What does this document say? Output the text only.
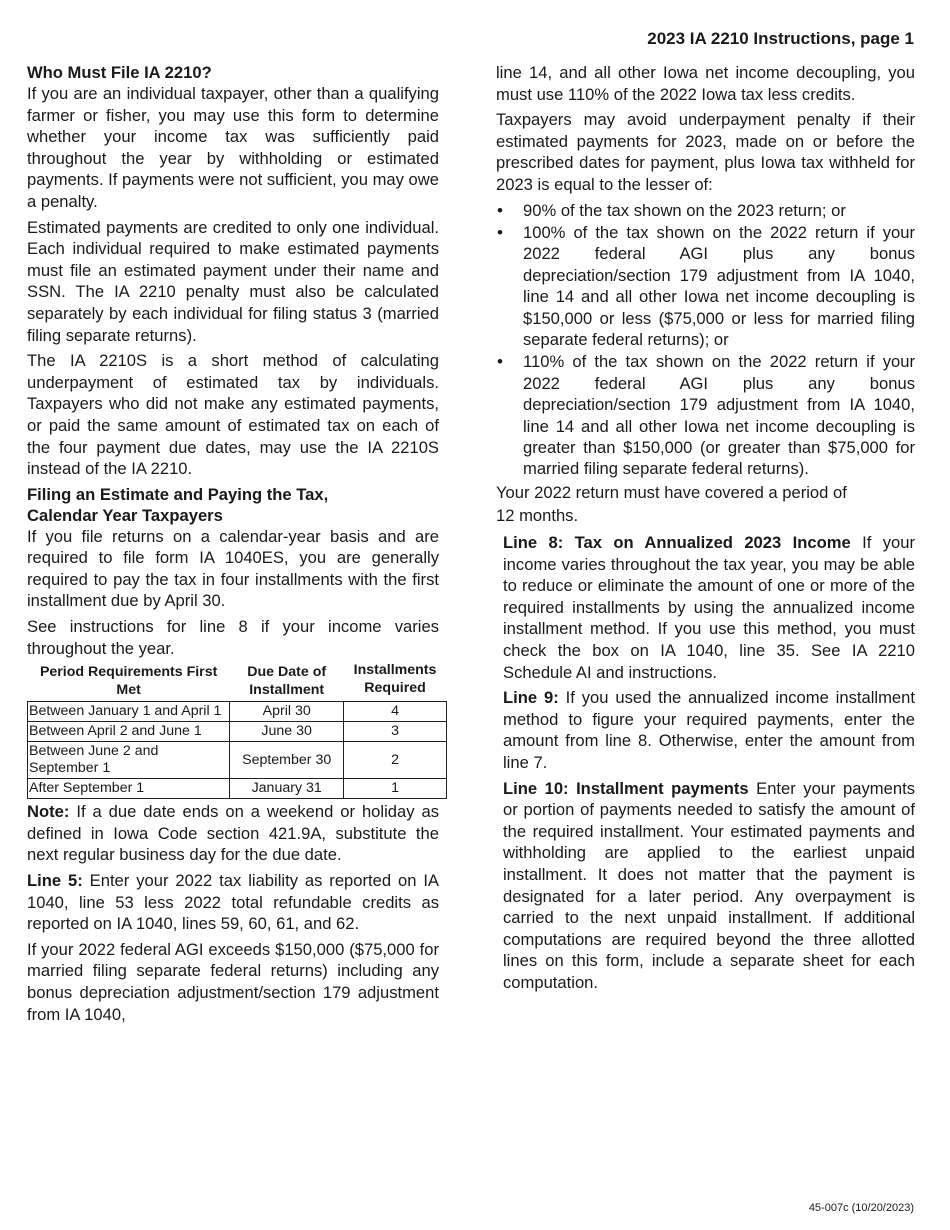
2023 IA 2210 Instructions, page 1
Who Must File IA 2210?

If you are an individual taxpayer, other than a qualifying farmer or fisher, you may use this form to determine whether your income tax was sufficiently paid throughout the year by withholding or estimated payments. If payments were not sufficient, you may owe a penalty.

Estimated payments are credited to only one individual. Each individual required to make estimated payments must file an estimated payment under their name and SSN. The IA 2210 penalty must also be calculated separately by each individual for filing status 3 (married filing separate returns).

The IA 2210S is a short method of calculating underpayment of estimated tax by individuals. Taxpayers who did not make any estimated payments, or paid the same amount of estimated tax on each of the four payment due dates, may use the IA 2210S instead of the IA 2210.

Filing an Estimate and Paying the Tax,
Calendar Year Taxpayers

If you file returns on a calendar-year basis and are required to file form IA 1040ES, you are generally required to pay the tax in four installments with the first installment due by April 30.

See instructions for line 8 if your income varies throughout the year.

Period Requirements First Met	Due Date of Installment	Installments Required
Between January 1 and April 1	April 30	4
Between April 2 and June 1	June 30	3
Between June 2 and September 1	September 30	2
After September 1	January 31	1

Note: If a due date ends on a weekend or holiday as defined in Iowa Code section 421.9A, substitute the next regular business day for the due date.

Line 5: Enter your 2022 tax liability as reported on IA 1040, line 53 less 2022 total refundable credits as reported on IA 1040, lines 59, 60, 61, and 62.

If your 2022 federal AGI exceeds $150,000 ($75,000 for married filing separate federal returns) including any bonus depreciation adjustment/section 179 adjustment from IA 1040,

line 14, and all other Iowa net income decoupling, you must use 110% of the 2022 Iowa tax less credits.

Taxpayers may avoid underpayment penalty if their estimated payments for 2023, made on or before the prescribed dates for payment, plus Iowa tax withheld for 2023 is equal to the lesser of:

• 90% of the tax shown on the 2023 return; or
• 100% of the tax shown on the 2022 return if your 2022 federal AGI plus any bonus depreciation/section 179 adjustment from IA 1040, line 14 and all other Iowa net income decoupling is $150,000 or less ($75,000 or less for married filing separate federal returns); or
• 110% of the tax shown on the 2022 return if your 2022 federal AGI plus any bonus depreciation/section 179 adjustment from IA 1040, line 14 and all other Iowa net income decoupling is greater than $150,000 (or greater than $75,000 for married filing separate federal returns).

Your 2022 return must have covered a period of

12 months.

Line 8: Tax on Annualized 2023 Income If your income varies throughout the tax year, you may be able to reduce or eliminate the amount of one or more of the required installments by using the annualized income installment method. If you use this method, you must check the box on IA 1040, line 35. See IA 2210 Schedule AI and instructions.

Line 9: If you used the annualized income installment method to figure your required payments, enter the amount from line 8. Otherwise, enter the amount from line 7.

Line 10: Installment payments Enter your payments or portion of payments needed to satisfy the amount of the required installment. Your estimated payments and withholding are applied to the earliest unpaid installment. It does not matter that the payment is designated for a later period. Any overpayment is carried to the next unpaid installment. If additional computations are required beyond the three allotted lines on this form, include a separate sheet for each computation.

45-007c (10/20/2023)
